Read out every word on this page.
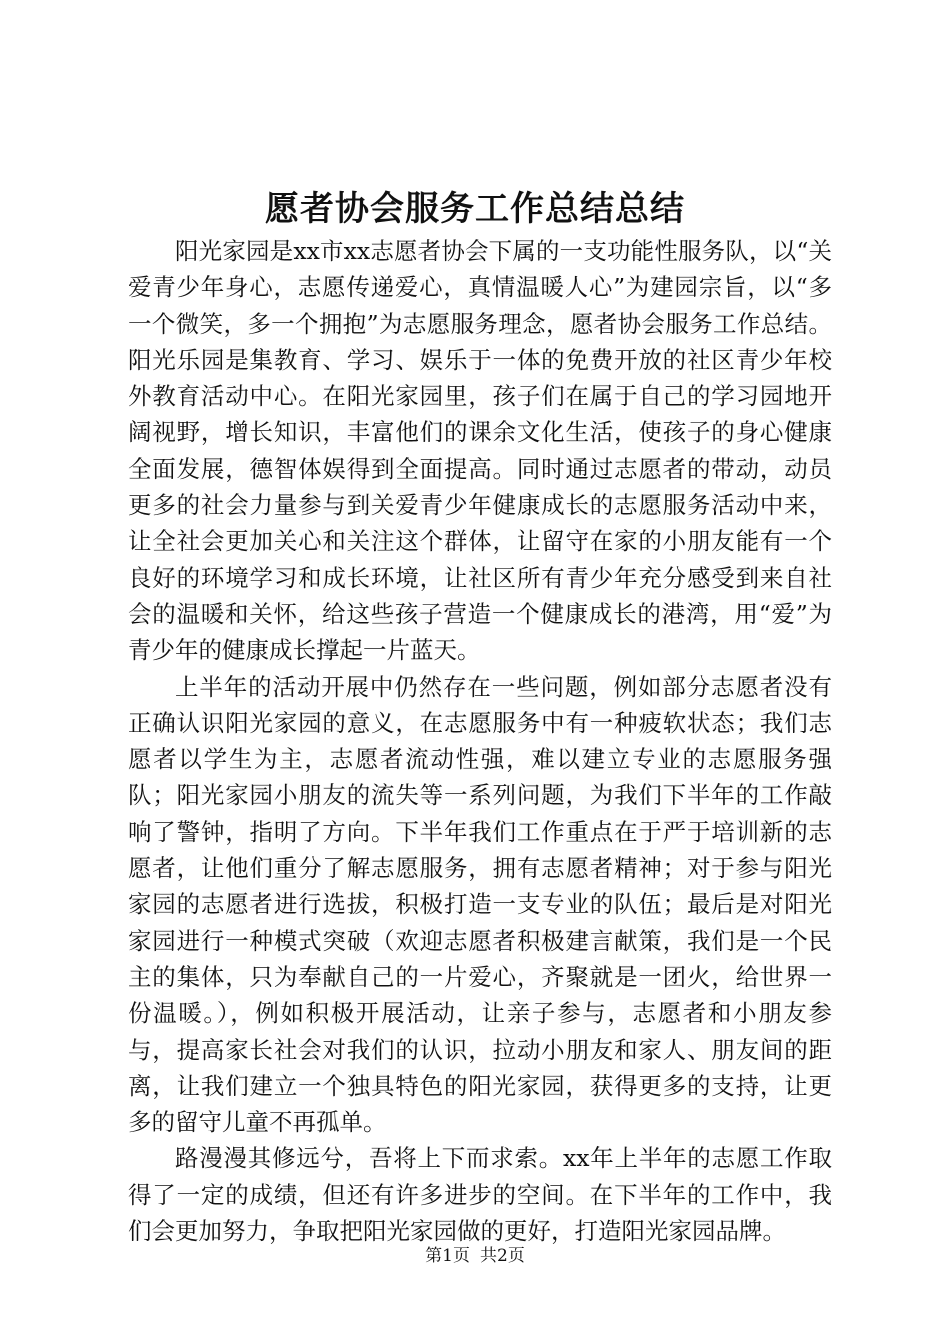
愿者协会服务工作总结总结

阳光家园是xx市xx志愿者协会下属的一支功能性服务队，以“关爱青少年身心，志愿传递爱心，真情温暖人心”为建园宗旨，以“多一个微笑，多一个拥抱”为志愿服务理念，愿者协会服务工作总结。阳光乐园是集教育、学习、娱乐于一体的免费开放的社区青少年校外教育活动中心。在阳光家园里，孩子们在属于自己的学习园地开阔视野，增长知识，丰富他们的课余文化生活，使孩子的身心健康全面发展，德智体娱得到全面提高。同时通过志愿者的带动，动员更多的社会力量参与到关爱青少年健康成长的志愿服务活动中来，让全社会更加关心和关注这个群体，让留守在家的小朋友能有一个良好的环境学习和成长环境，让社区所有青少年充分感受到来自社会的温暖和关怀，给这些孩子营造一个健康成长的港湾，用“爱”为青少年的健康成长撑起一片蓝天。

上半年的活动开展中仍然存在一些问题，例如部分志愿者没有正确认识阳光家园的意义，在志愿服务中有一种疲软状态；我们志愿者以学生为主，志愿者流动性强，难以建立专业的志愿服务强队；阳光家园小朋友的流失等一系列问题，为我们下半年的工作敲响了警钟，指明了方向。下半年我们工作重点在于严于培训新的志愿者，让他们重分了解志愿服务，拥有志愿者精神；对于参与阳光家园的志愿者进行选拔，积极打造一支专业的队伍；最后是对阳光家园进行一种模式突破（欢迎志愿者积极建言献策，我们是一个民主的集体，只为奉献自己的一片爱心，齐聚就是一团火，给世界一份温暖。），例如积极开展活动，让亲子参与，志愿者和小朋友参与，提高家长社会对我们的认识，拉动小朋友和家人、朋友间的距离，让我们建立一个独具特色的阳光家园，获得更多的支持，让更多的留守儿童不再孤单。

路漫漫其修远兮，吾将上下而求索。xx年上半年的志愿工作取得了一定的成绩，但还有许多进步的空间。在下半年的工作中，我们会更加努力，争取把阳光家园做的更好，打造阳光家园品牌。

第1页 共2页
